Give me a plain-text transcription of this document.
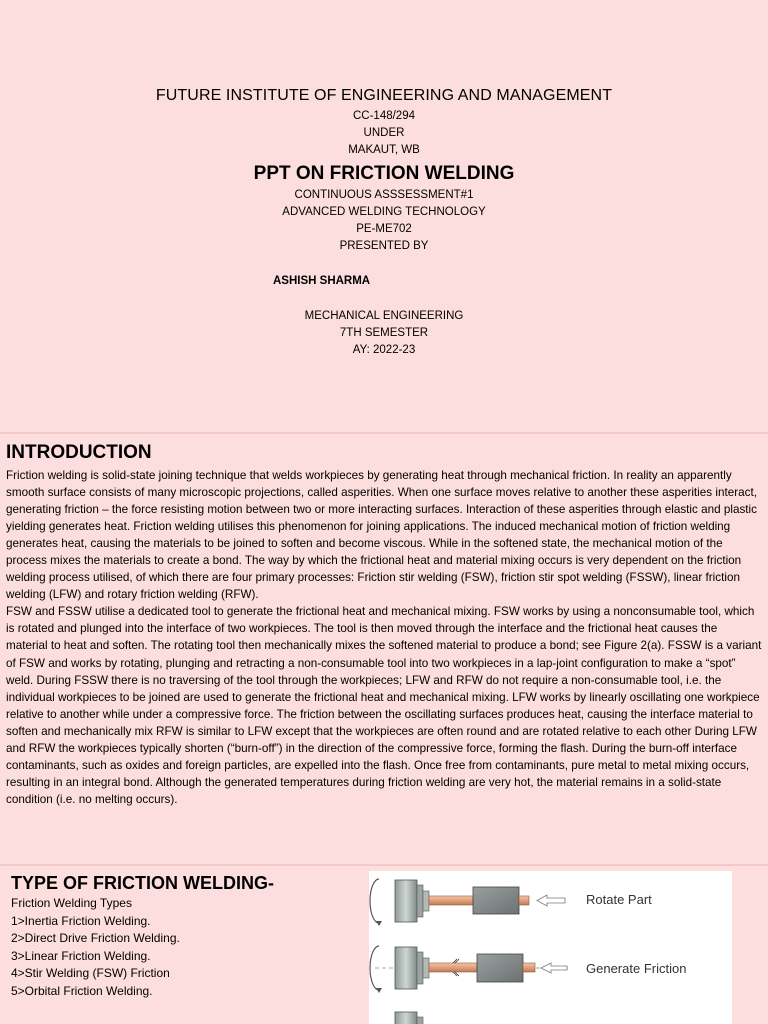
FUTURE INSTITUTE OF ENGINEERING AND MANAGEMENT
CC-148/294
UNDER
MAKAUT, WB
PPT ON FRICTION WELDING
CONTINUOUS ASSSESSMENT#1
ADVANCED WELDING TECHNOLOGY
PE-ME702
PRESENTED BY
ASHISH SHARMA
MECHANICAL ENGINEERING
7TH SEMESTER
AY: 2022-23
INTRODUCTION

Friction welding is solid-state joining technique that welds workpieces by generating heat through mechanical friction. In reality an apparently smooth surface consists of many microscopic projections, called asperities. When one surface moves relative to another these asperities interact, generating friction – the force resisting motion between two or more interacting surfaces. Interaction of these asperities through elastic and plastic yielding generates heat. Friction welding utilises this phenomenon for joining applications. The induced mechanical motion of friction welding generates heat, causing the materials to be joined to soften and become viscous. While in the softened state, the mechanical motion of the process mixes the materials to create a bond. The way by which the frictional heat and material mixing occurs is very dependent on the friction welding process utilised, of which there are four primary processes: Friction stir welding (FSW), friction stir spot welding (FSSW), linear friction welding (LFW) and rotary friction welding (RFW).

FSW and FSSW utilise a dedicated tool to generate the frictional heat and mechanical mixing. FSW works by using a nonconsumable tool, which is rotated and plunged into the interface of two workpieces. The tool is then moved through the interface and the frictional heat causes the material to heat and soften. The rotating tool then mechanically mixes the softened material to produce a bond; see Figure 2(a). FSSW is a variant of FSW and works by rotating, plunging and retracting a non-consumable tool into two workpieces in a lap-joint configuration to make a “spot” weld. During FSSW there is no traversing of the tool through the workpieces; LFW and RFW do not require a non-consumable tool, i.e. the individual workpieces to be joined are used to generate the frictional heat and mechanical mixing. LFW works by linearly oscillating one workpiece relative to another while under a compressive force. The friction between the oscillating surfaces produces heat, causing the interface material to soften and mechanically mix RFW is similar to LFW except that the workpieces are often round and are rotated relative to each other During LFW and RFW the workpieces typically shorten (“burn-off”) in the direction of the compressive force, forming the flash. During the burn-off interface contaminants, such as oxides and foreign particles, are expelled into the flash. Once free from contaminants, pure metal to metal mixing occurs, resulting in an integral bond. Although the generated temperatures during friction welding are very hot, the material remains in a solid-state condition (i.e. no melting occurs).

TYPE OF FRICTION WELDING-
Friction Welding Types
1>Inertia Friction Welding.
2>Direct Drive Friction Welding.
3>Linear Friction Welding.
4>Stir Welding (FSW) Friction
5>Orbital Friction Welding.
Rotate Part
Generate Friction
